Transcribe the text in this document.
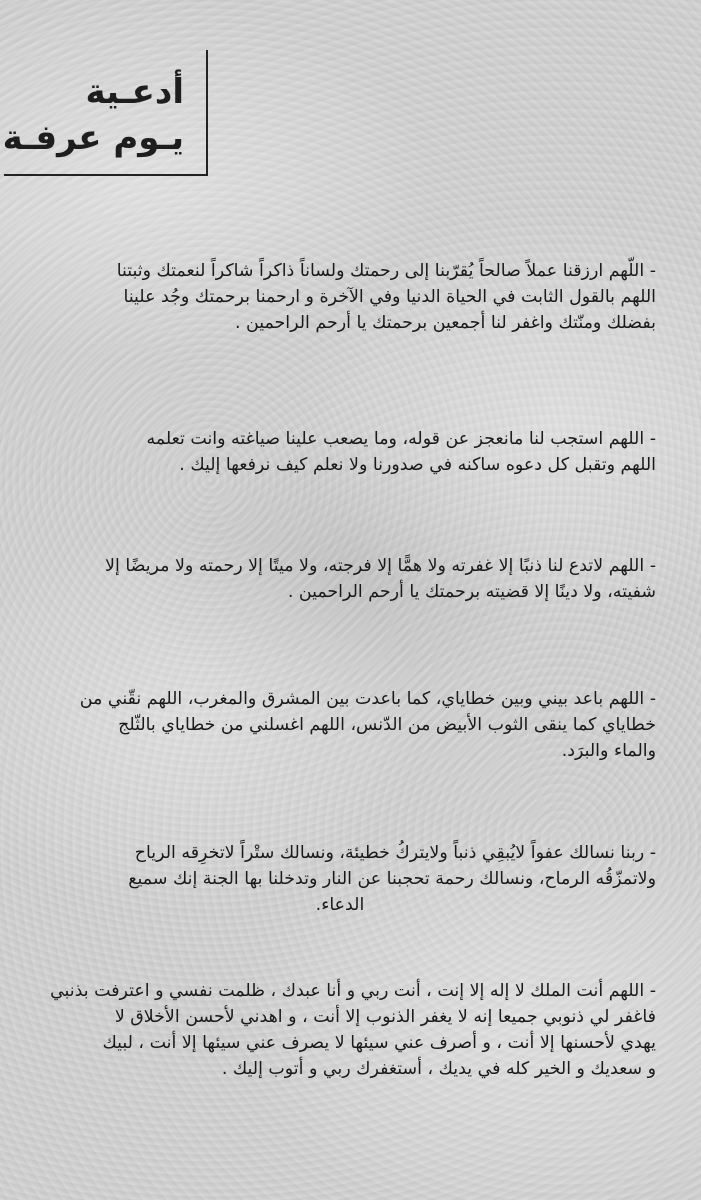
أدعـية
يـوم عرفـة
- اللّهم ارزقنا عملاً صالحاً يُقرّبنا إلى رحمتك ولساناً ذاكراً شاكراً لنعمتك وثبتنا
اللهم بالقول الثابت في الحياة الدنيا وفي الآخرة و ارحمنا برحمتك وجُد علينا
بفضلك ومنّتك واغفر لنا أجمعين برحمتك يا أرحم الراحمين .
- اللهم استجب لنا مانعجز عن قوله، وما يصعب علينا صياغته وانت تعلمه
اللهم وتقبل كل دعوه ساكنه في صدورنا ولا نعلم كيف نرفعها إليك .
- اللهم لاتدع لنا ذنبًا إلا غفرته ولا همًّا إلا فرجته، ولا ميتًا إلا رحمته ولا مريضًا إلا
شفيته، ولا دينًا إلا قضيته برحمتك يا أرحم الراحمين .
- اللهم باعد بيني وبين خطاياي، كما باعدت بين المشرق والمغرب، اللهم نقّني من
خطاياي كما ينقى الثوب الأبيض من الدّنس، اللهم اغسلني من خطاياي بالثّلج
والماء والبرَد.
- ربنا نسالك عفواً لايُبقِي ذنباً ولايتركُ خطيئة، ونسالك ستْراً لاتخرِقه الرياح
ولاتمزّقُه الرماح، ونسالك رحمة تحجبنا عن النار وتدخلنا بها الجنة إنك سميع
الدعاء.
- اللهم أنت الملك لا إله إلا إنت ، أنت ربي و أنا عبدك ، ظلمت نفسي و اعترفت بذنبي
فاغفر لي ذنوبي جميعا إنه لا يغفر الذنوب إلا أنت ، و اهدني لأحسن الأخلاق لا
يهدي لأحسنها إلا أنت ، و أصرف عني سيئها لا يصرف عني سيئها إلا أنت ، لبيك
و سعديك و الخير كله في يديك ، أستغفرك ربي و أتوب إليك .
